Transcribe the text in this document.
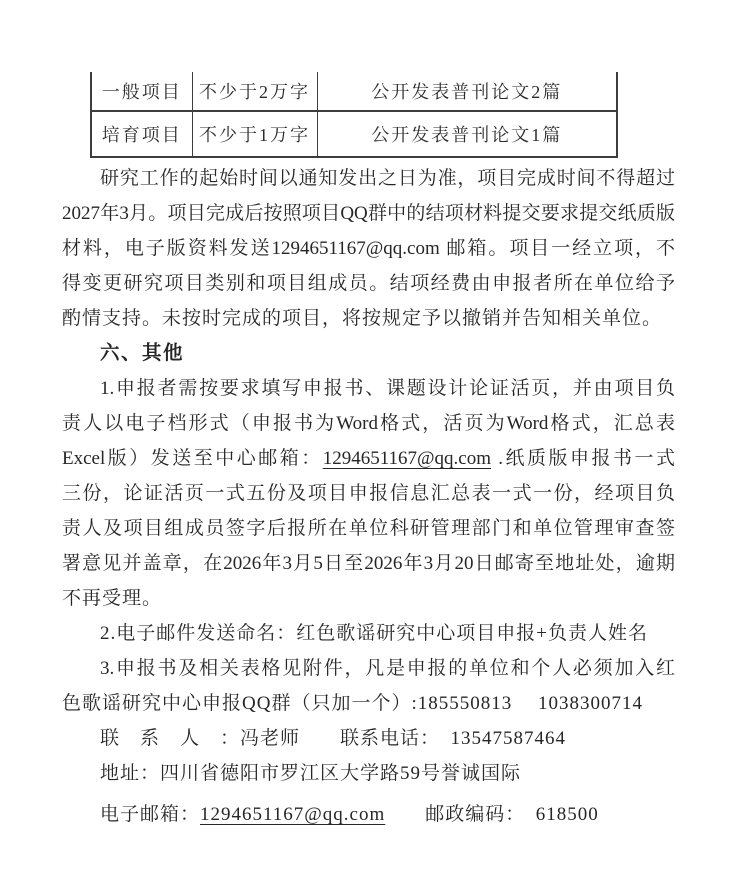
一般项目	不少于2万字	公开发表普刊论文2篇
培育项目	不少于1万字	公开发表普刊论文1篇
研究工作的起始时间以通知发出之日为准，项目完成时间不得超过
2027年3月。项目完成后按照项目QQ群中的结项材料提交要求提交纸质版
材料，电子版资料发送1294651167@qq.com 邮箱。项目一经立项，不
得变更研究项目类别和项目组成员。结项经费由申报者所在单位给予
酌情支持。未按时完成的项目，将按规定予以撤销并告知相关单位。
六、其他
1.申报者需按要求填写申报书、课题设计论证活页，并由项目负
责人以电子档形式（申报书为Word格式，活页为Word格式，汇总表
Excel版）发送至中心邮箱：1294651167@qq.com .纸质版申报书一式
三份，论证活页一式五份及项目申报信息汇总表一式一份，经项目负
责人及项目组成员签字后报所在单位科研管理部门和单位管理审查签
署意见并盖章，在2026年3月5日至2026年3月20日邮寄至地址处，逾期
不再受理。
2.电子邮件发送命名：红色歌谣研究中心项目申报+负责人姓名
3.申报书及相关表格见附件，凡是申报的单位和个人必须加入红
色歌谣研究中心申报QQ群（只加一个）:185550813　 1038300714
联　系　人　：冯老师　　联系电话：　13547587464
地址：四川省德阳市罗江区大学路59号誉诚国际
电子邮箱：1294651167@qq.com　　邮政编码：　618500
